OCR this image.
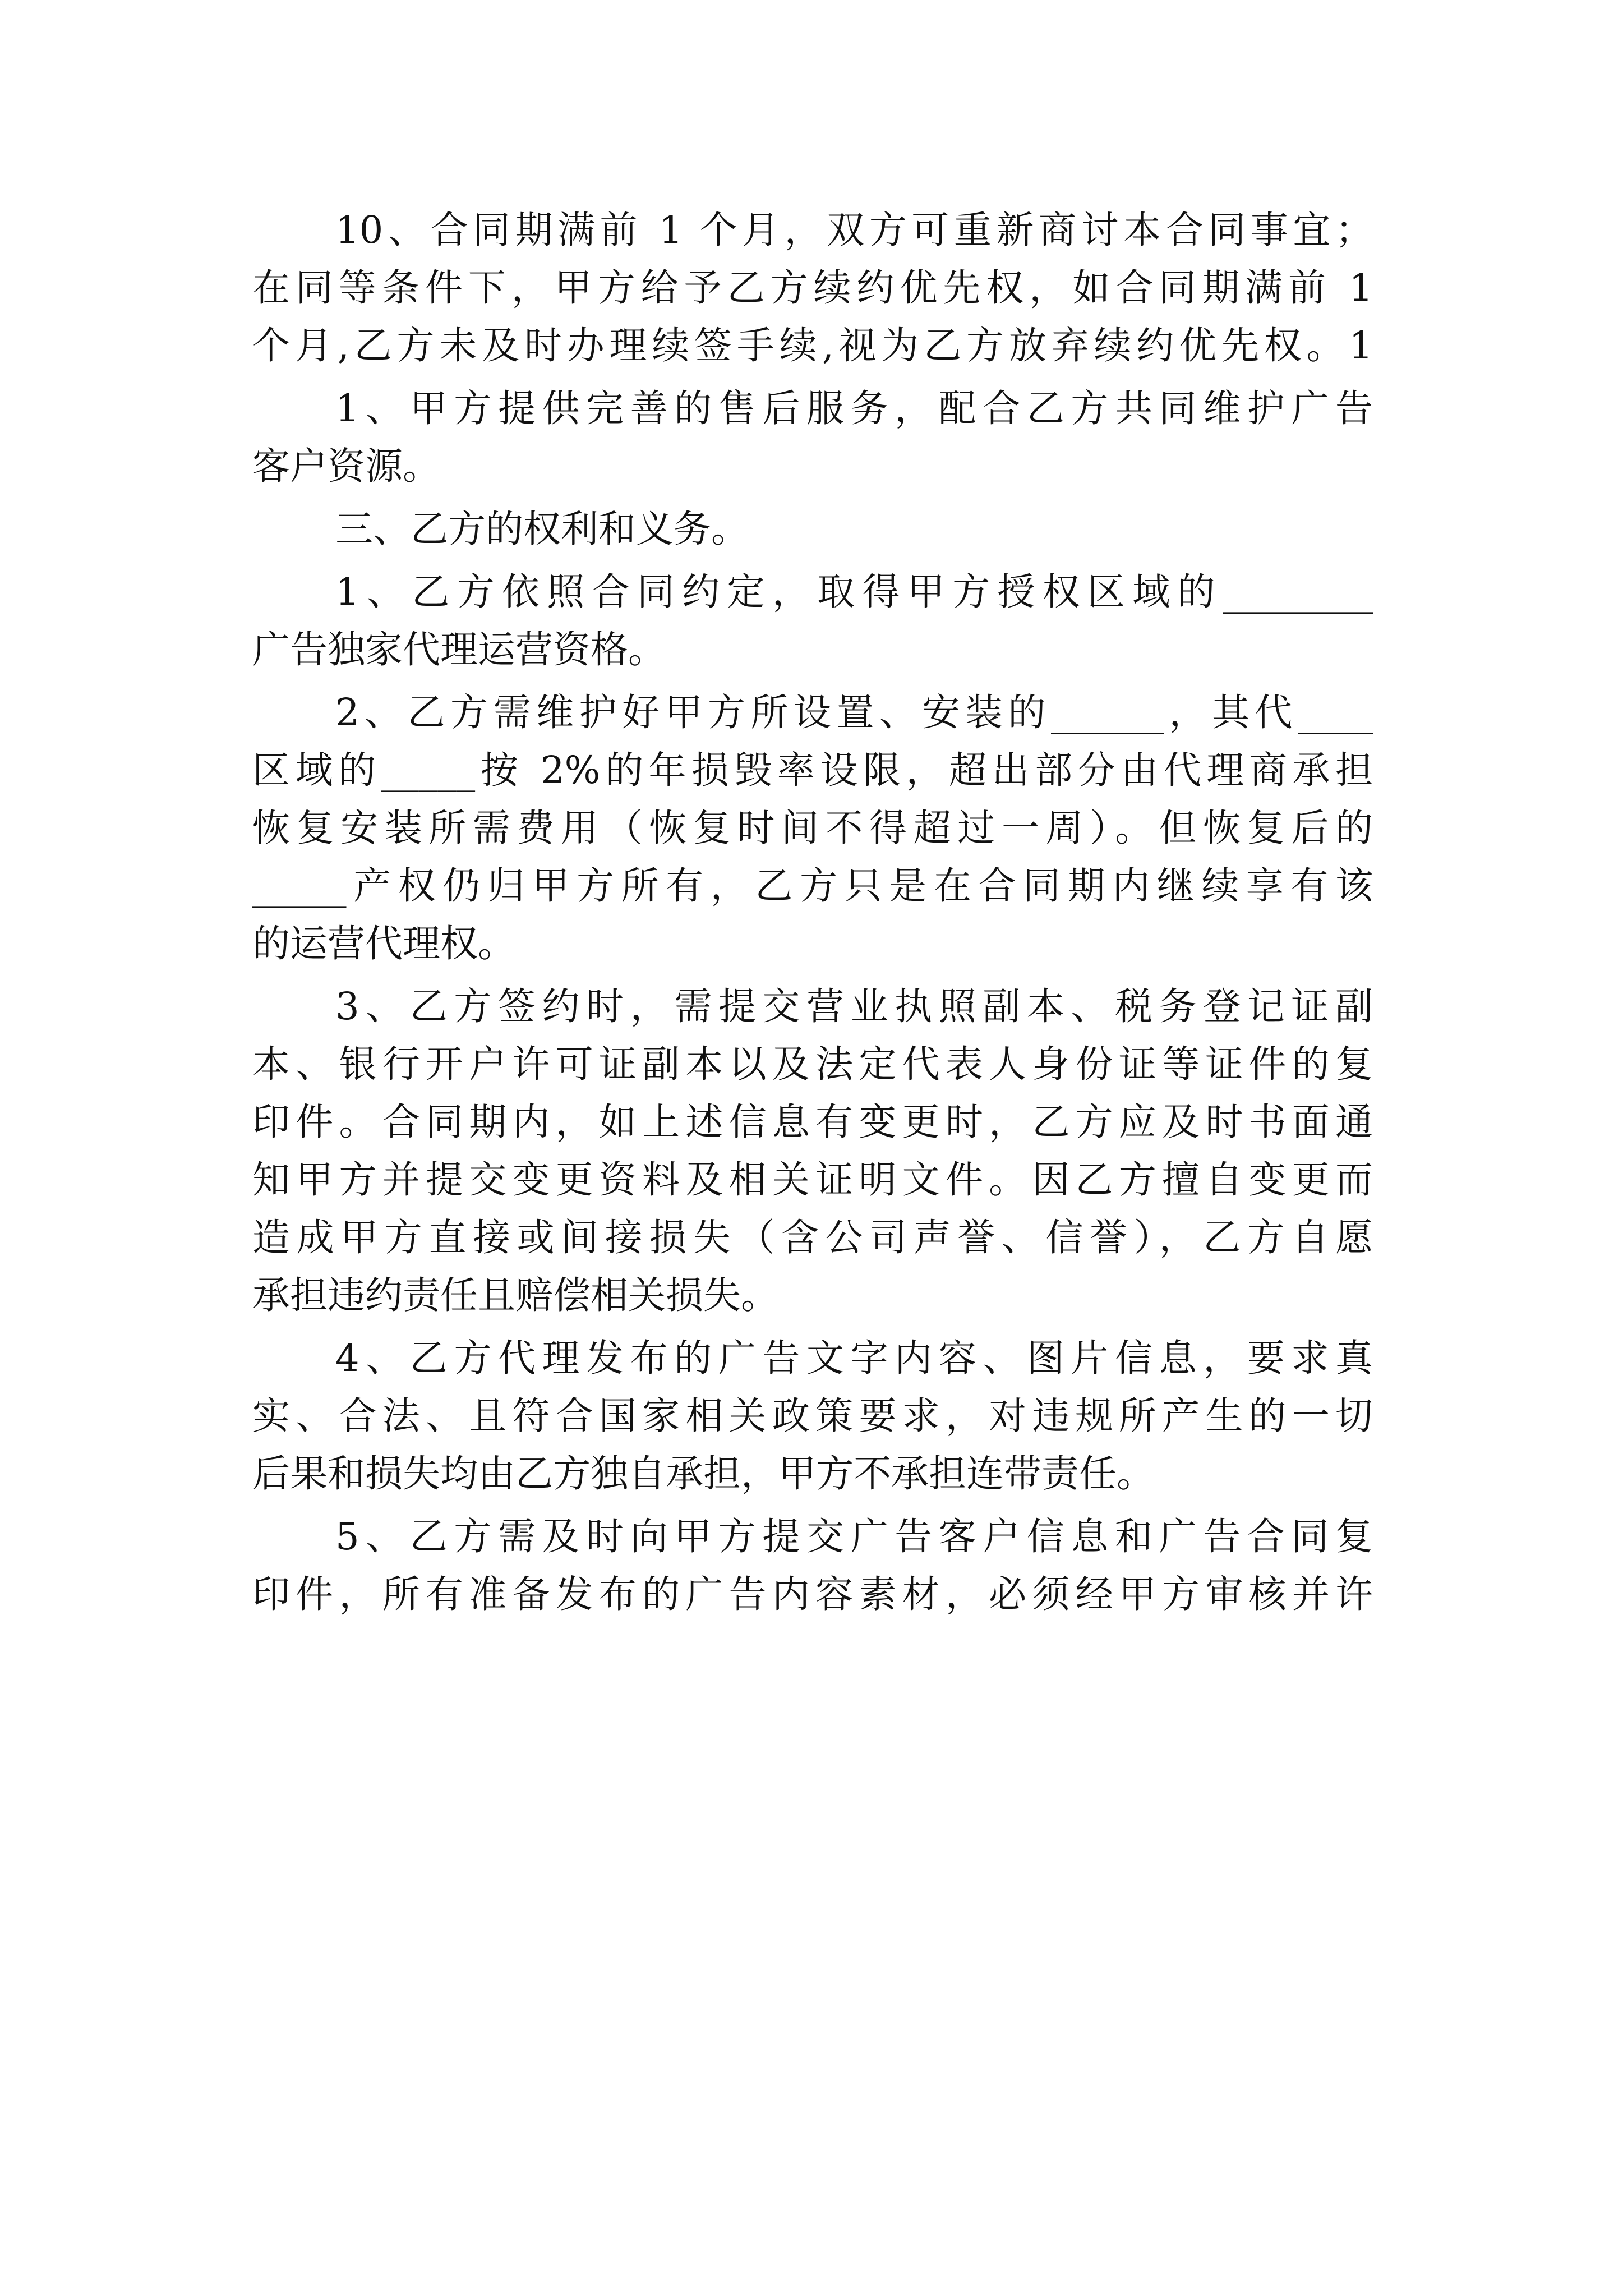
10、合同期满前 1 个月，双方可重新商讨本合同事宜；
在同等条件下，甲方给予乙方续约优先权，如合同期满前 1
个月,乙方未及时办理续签手续,视为乙方放弃续约优先权。1
1、甲方提供完善的售后服务，配合乙方共同维护广告
客户资源。
三、乙方的权利和义务。
1、乙方依照合同约定，取得甲方授权区域的________
广告独家代理运营资格。
2、乙方需维护好甲方所设置、安装的______，其代____
区域的_____按 2%的年损毁率设限，超出部分由代理商承担
恢复安装所需费用（恢复时间不得超过一周）。但恢复后的
_____产权仍归甲方所有，乙方只是在合同期内继续享有该
的运营代理权。
3、乙方签约时，需提交营业执照副本、税务登记证副
本、银行开户许可证副本以及法定代表人身份证等证件的复
印件。合同期内，如上述信息有变更时，乙方应及时书面通
知甲方并提交变更资料及相关证明文件。因乙方擅自变更而
造成甲方直接或间接损失（含公司声誉、信誉），乙方自愿
承担违约责任且赔偿相关损失。
4、乙方代理发布的广告文字内容、图片信息，要求真
实、合法、且符合国家相关政策要求，对违规所产生的一切
后果和损失均由乙方独自承担，甲方不承担连带责任。
5、乙方需及时向甲方提交广告客户信息和广告合同复
印件，所有准备发布的广告内容素材，必须经甲方审核并许
